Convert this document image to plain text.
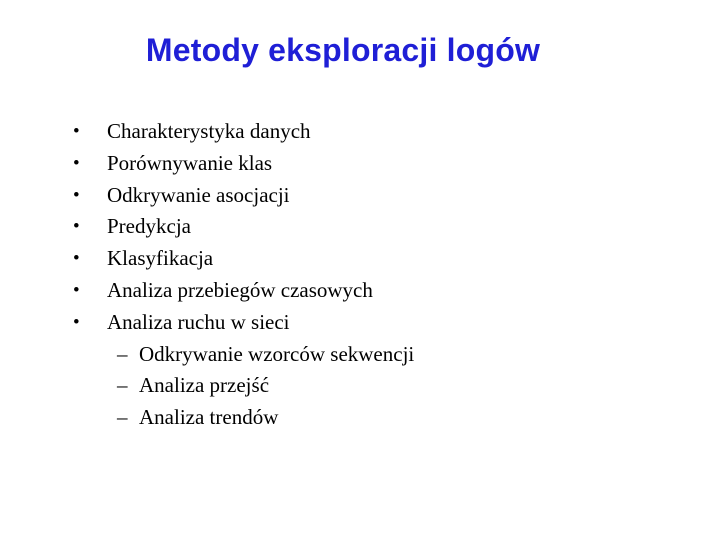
Metody eksploracji logów
• Charakterystyka danych
• Porównywanie klas
• Odkrywanie asocjacji
• Predykcja
• Klasyfikacja
• Analiza przebiegów czasowych
• Analiza ruchu w sieci
– Odkrywanie wzorców sekwencji
– Analiza przejść
– Analiza trendów
